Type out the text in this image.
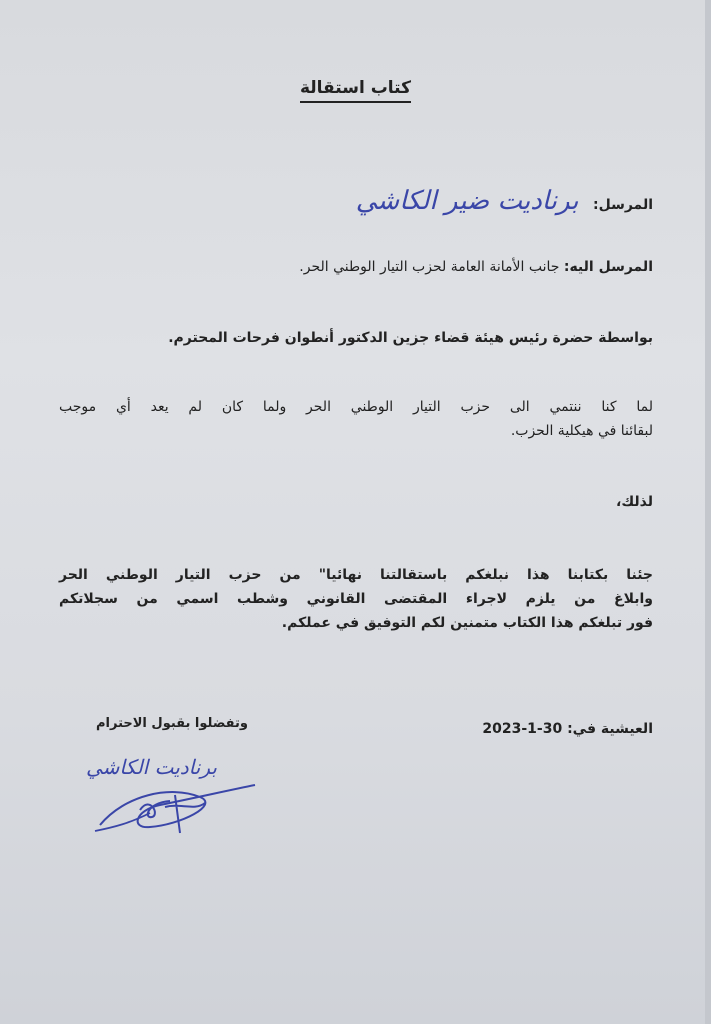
كتاب استقالة
المرسل: برناديت ضير الكاشي
المرسل اليه: جانب الأمانة العامة لحزب التيار الوطني الحر.
بواسطة حضرة رئيس هيئة قضاء جزين الدكتور أنطوان فرحات المحترم.
لما كنا ننتمي الى حزب التيار الوطني الحر ولما كان لم يعد أي موجب
لبقائنا في هيكلية الحزب.
لذلك،
جئنا بكتابنا هذا نبلغكم باستقالتنا نهائيا" من حزب التيار الوطني الحر
وابلاغ من يلزم لاجراء المقتضى القانوني وشطب اسمي من سجلاتكم
فور تبلغكم هذا الكتاب متمنين لكم التوفيق في عملكم.
العيشية في: 2023-1-30
وتفضلوا بقبول الاحترام
برناديت الكاشي
